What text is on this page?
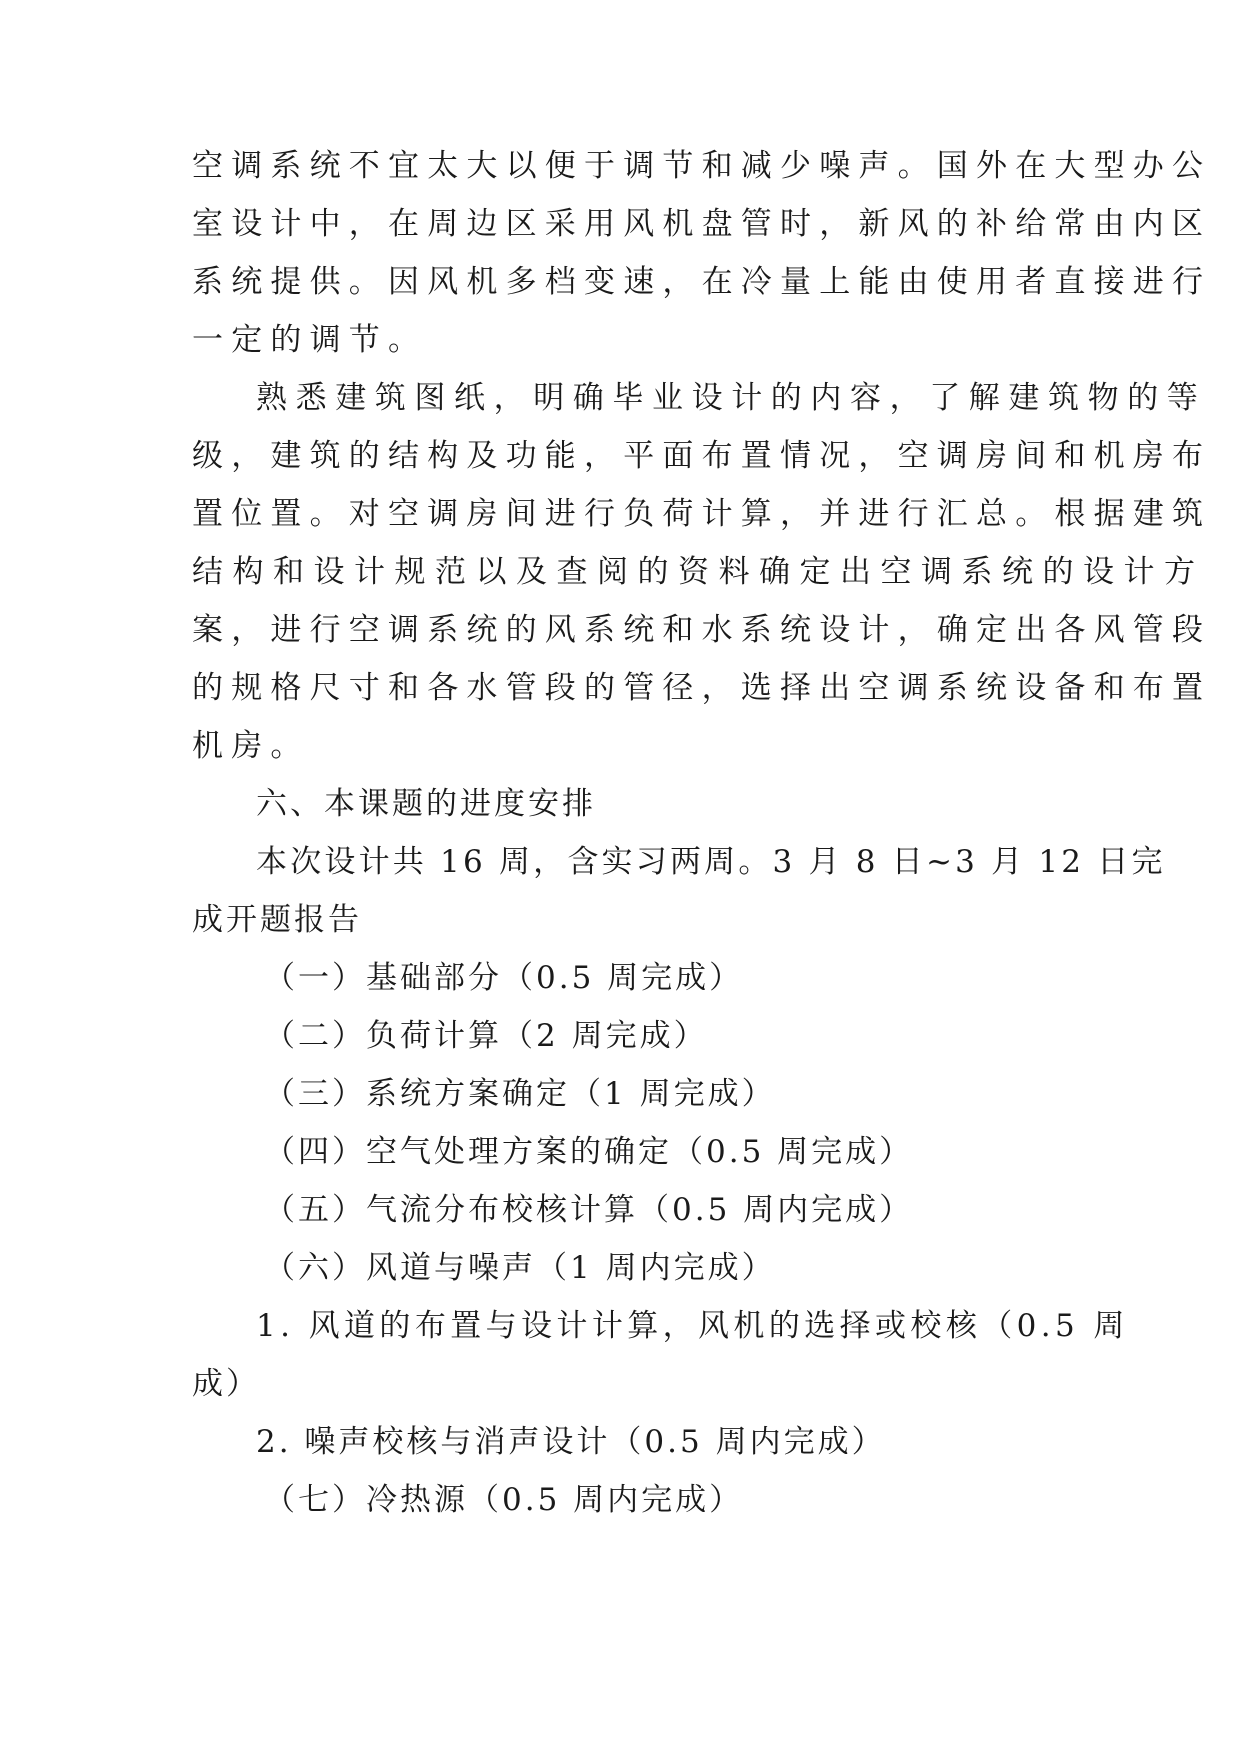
空调系统不宜太大以便于调节和减少噪声。国外在大型办公
室设计中，在周边区采用风机盘管时，新风的补给常由内区
系统提供。因风机多档变速，在冷量上能由使用者直接进行
一定的调节。
熟悉建筑图纸，明确毕业设计的内容，了解建筑物的等
级，建筑的结构及功能，平面布置情况，空调房间和机房布
置位置。对空调房间进行负荷计算，并进行汇总。根据建筑
结构和设计规范以及查阅的资料确定出空调系统的设计方
案，进行空调系统的风系统和水系统设计，确定出各风管段
的规格尺寸和各水管段的管径，选择出空调系统设备和布置
机房。
六、本课题的进度安排
本次设计共 16 周，含实习两周。3 月 8 日~3 月 12 日完
成开题报告
（一）基础部分（0.5 周完成）
（二）负荷计算（2 周完成）
（三）系统方案确定（1 周完成）
（四）空气处理方案的确定（0.5 周完成）
（五）气流分布校核计算（0.5 周内完成）
（六）风道与噪声（1 周内完成）
1. 风道的布置与设计计算，风机的选择或校核（0.5 周
成）
2. 噪声校核与消声设计（0.5 周内完成）
（七）冷热源（0.5 周内完成）
